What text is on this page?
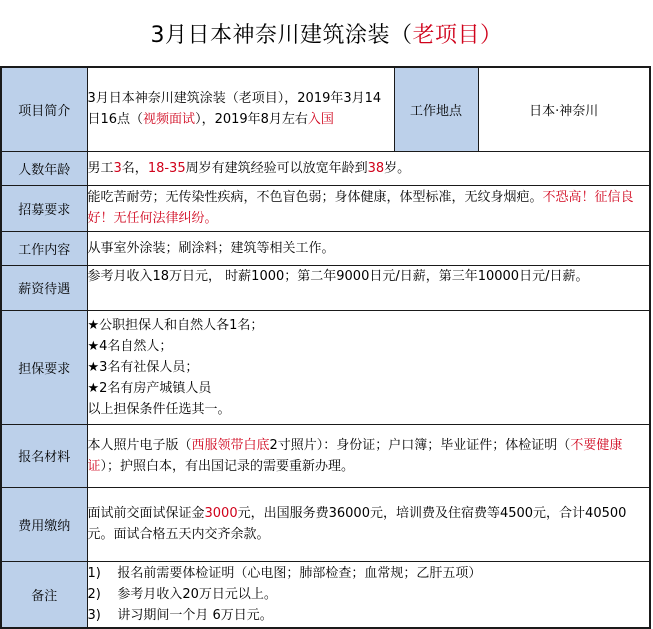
3月日本神奈川建筑涂装（ 老项目 ）
项目简介	3月日本神奈川建筑涂装（老项目），2019年3月14日16点（视频面试），2019年8月左右入国	工作地点	日本·神奈川
人数年龄	男工3名，18-35周岁有建筑经验可以放宽年龄到38岁。		
招募要求	能吃苦耐劳；无传染性疾病，不色盲色弱；身体健康，体型标准，无纹身烟疤。不恐高！征信良好！无任何法律纠纷。		
工作内容	从事室外涂装；刷涂料；建筑等相关工作。		
薪资待遇	参考月收入18万日元， 时薪1000；第二年9000日元/日薪，第三年10000日元/日薪。		
担保要求	★公职担保人和自然人各1名；
★4名自然人；
★3名有社保人员；
★2名有房产城镇人员
以上担保条件任选其一。		

报名材料	本人照片电子版（西服领带白底2寸照片）：身份证；户口簿；毕业证件；体检证明（不要健康证）；护照白本，有出国记录的需要重新办理。		
费用缴纳	面试前交面试保证金3000元，出国服务费36000元，培训费及住宿费等4500元，合计40500元。面试合格五天内交齐余款。		
备注	1)    报名前需要体检证明（心电图；肺部检查；血常规；乙肝五项）
2)    参考月收入20万日元以上。
3)    讲习期间一个月 6万日元。		
